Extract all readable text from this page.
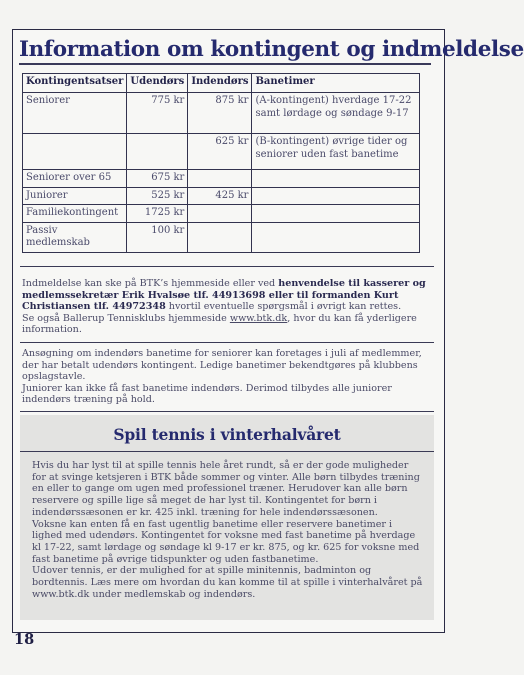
Information om kontingent og indmeldelse
Kontingentsatser	Udendørs	Indendørs	Banetimer
Seniorer	775 kr	875 kr	(A-kontingent) hverdage 17-22 samt lørdage og søndage 9-17
		625 kr	(B-kontingent) øvrige tider og seniorer uden fast banetime
Seniorer over 65	675 kr		
Juniorer	525 kr	425 kr	
Familiekontingent	1725 kr		
Passiv medlemskab	100 kr		
Indmeldelse kan ske på BTK’s hjemmeside eller ved henvendelse til kasserer og medlemssekretær Erik Hvalsøe tlf. 44913698 eller til formanden Kurt Christiansen tlf. 44972348 hvortil eventuelle spørgsmål i øvrigt kan rettes.
Se også Ballerup Tennisklubs hjemmeside www.btk.dk, hvor du kan få yderligere information.
Ansøgning om indendørs banetime for seniorer kan foretages i juli af medlemmer, der har betalt udendørs kontingent. Ledige banetimer bekendtgøres på klubbens opslagstavle.
Juniorer kan ikke få fast banetime indendørs. Derimod tilbydes alle juniorer indendørs træning på hold.
Spil tennis i vinterhalvåret

Hvis du har lyst til at spille tennis hele året rundt, så er der gode muligheder for at svinge ketsjeren i BTK både sommer og vinter. Alle børn tilbydes træning en eller to gange om ugen med professionel træner. Herudover kan alle børn reservere og spille lige så meget de har lyst til. Kontingentet for børn i indendørssæsonen er kr. 425 inkl. træning for hele indendørssæsonen.

Voksne kan enten få en fast ugentlig banetime eller reservere banetimer i lighed med udendørs. Kontingentet for voksne med fast banetime på hverdage kl 17-22, samt lørdage og søndage kl 9-17 er kr. 875, og kr. 625 for voksne med fast banetime på øvrige tidspunkter og uden fastbanetime.

Udover tennis, er der mulighed for at spille minitennis, badminton og bordtennis. Læs mere om hvordan du kan komme til at spille i vinterhalvåret på www.btk.dk under medlemskab og indendørs.

18
